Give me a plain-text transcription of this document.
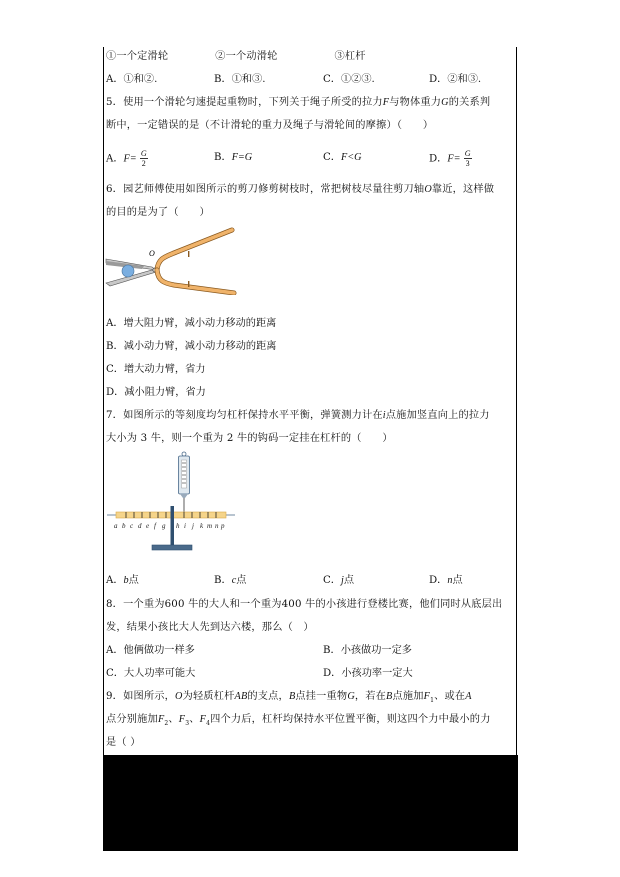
①一个定滑轮	②一个动滑轮	③杠杆
A．①和②.	B．①和③.	C．①②③.	D．②和③.
5．使用一个滑轮匀速提起重物时，下列关于绳子所受的拉力F与物体重力G的关系判
断中，一定错误的是（不计滑轮的重力及绳子与滑轮间的摩擦）（　　）
A．$F= \frac{G}{2}$	B．F=G	C．F<G	D．$F= \frac{G}{3}$
6．园艺师傅使用如图所示的剪刀修剪树枝时，常把树枝尽量往剪刀轴O靠近，这样做
的目的是为了（　　）
O
A．增大阻力臂，减小动力移动的距离
B．减小动力臂，减小动力移动的距离
C．增大动力臂，省力
D．减小阻力臂，省力
7．如图所示的等刻度均匀杠杆保持水平平衡，弹簧测力计在i点施加竖直向上的拉力
大小为 3 牛，则一个重为 2 牛的钩码一定挂在杠杆的（　　）
a b c d e f g h i j k m n p
A．b点	B．c点	C．j点	D．n点
8．一个重为600 牛的大人和一个重为400 牛的小孩进行登楼比赛，他们同时从底层出
发，结果小孩比大人先到达六楼，那么（　）
A．他俩做功一样多	B．小孩做功一定多
C．大人功率可能大	D．小孩功率一定大
9．如图所示，O为轻质杠杆AB的支点，B点挂一重物G，若在B点施加$F_1$、或在A
点分别施加$F_2$、$F_3$、$F_4$四个力后，杠杆均保持水平位置平衡，则这四个力中最小的力
是（ ）
